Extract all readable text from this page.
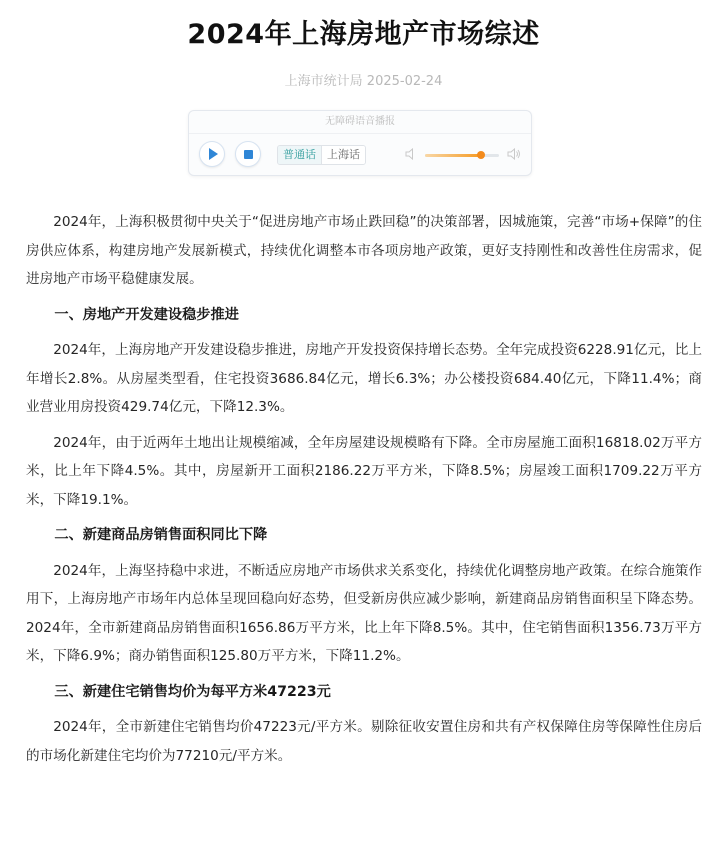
2024年上海房地产市场综述
上海市统计局 2025-02-24
无障碍语音播报
普通话	上海话

2024年，上海积极贯彻中央关于“促进房地产市场止跌回稳”的决策部署，因城施策，完善“市场+保障”的住房供应体系，构建房地产发展新模式，持续优化调整本市各项房地产政策，更好支持刚性和改善性住房需求，促进房地产市场平稳健康发展。

一、房地产开发建设稳步推进

2024年，上海房地产开发建设稳步推进，房地产开发投资保持增长态势。全年完成投资6228.91亿元，比上年增长2.8%。从房屋类型看，住宅投资3686.84亿元，增长6.3%；办公楼投资684.40亿元，下降11.4%；商业营业用房投资429.74亿元，下降12.3%。

2024年，由于近两年土地出让规模缩减，全年房屋建设规模略有下降。全市房屋施工面积16818.02万平方米，比上年下降4.5%。其中，房屋新开工面积2186.22万平方米，下降8.5%；房屋竣工面积1709.22万平方米，下降19.1%。

二、新建商品房销售面积同比下降

2024年，上海坚持稳中求进，不断适应房地产市场供求关系变化，持续优化调整房地产政策。在综合施策作用下，上海房地产市场年内总体呈现回稳向好态势，但受新房供应减少影响，新建商品房销售面积呈下降态势。2024年，全市新建商品房销售面积1656.86万平方米，比上年下降8.5%。其中，住宅销售面积1356.73万平方米，下降6.9%；商办销售面积125.80万平方米，下降11.2%。

三、新建住宅销售均价为每平方米47223元

2024年，全市新建住宅销售均价47223元/平方米。剔除征收安置住房和共有产权保障住房等保障性住房后的市场化新建住宅均价为77210元/平方米。
